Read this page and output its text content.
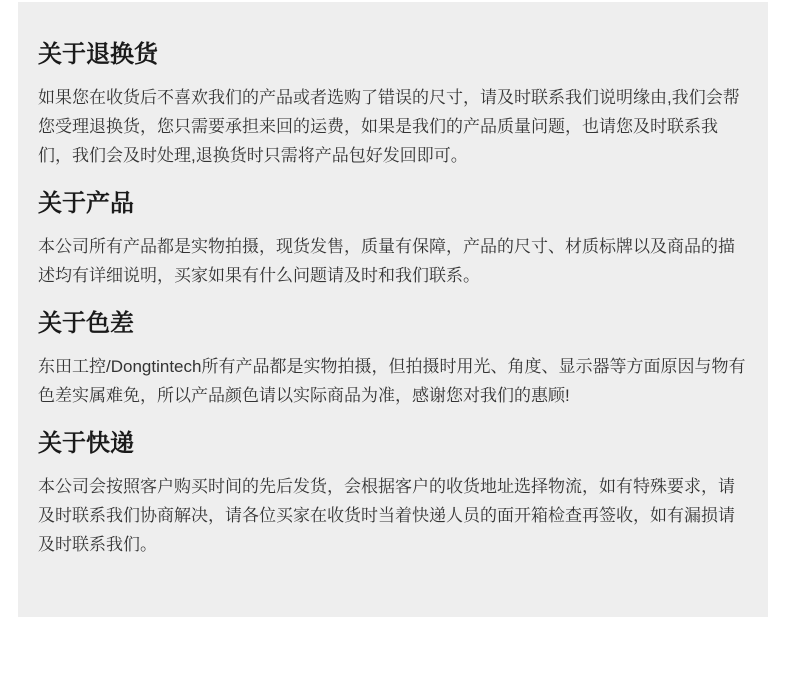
关于退换货

如果您在收货后不喜欢我们的产品或者选购了错误的尺寸，请及时联系我们说明缘由,我们会帮您受理退换货，您只需要承担来回的运费，如果是我们的产品质量问题，也请您及时联系我们，我们会及时处理,退换货时只需将产品包好发回即可。

关于产品

本公司所有产品都是实物拍摄，现货发售，质量有保障，产品的尺寸、材质标牌以及商品的描述均有详细说明，买家如果有什么问题请及时和我们联系。

关于色差

东田工控/Dongtintech所有产品都是实物拍摄，但拍摄时用光、角度、显示器等方面原因与物有色差实属难免，所以产品颜色请以实际商品为准，感谢您对我们的惠顾!

关于快递

本公司会按照客户购买时间的先后发货，会根据客户的收货地址选择物流，如有特殊要求，请及时联系我们协商解决，请各位买家在收货时当着快递人员的面开箱检查再签收，如有漏损请及时联系我们。
